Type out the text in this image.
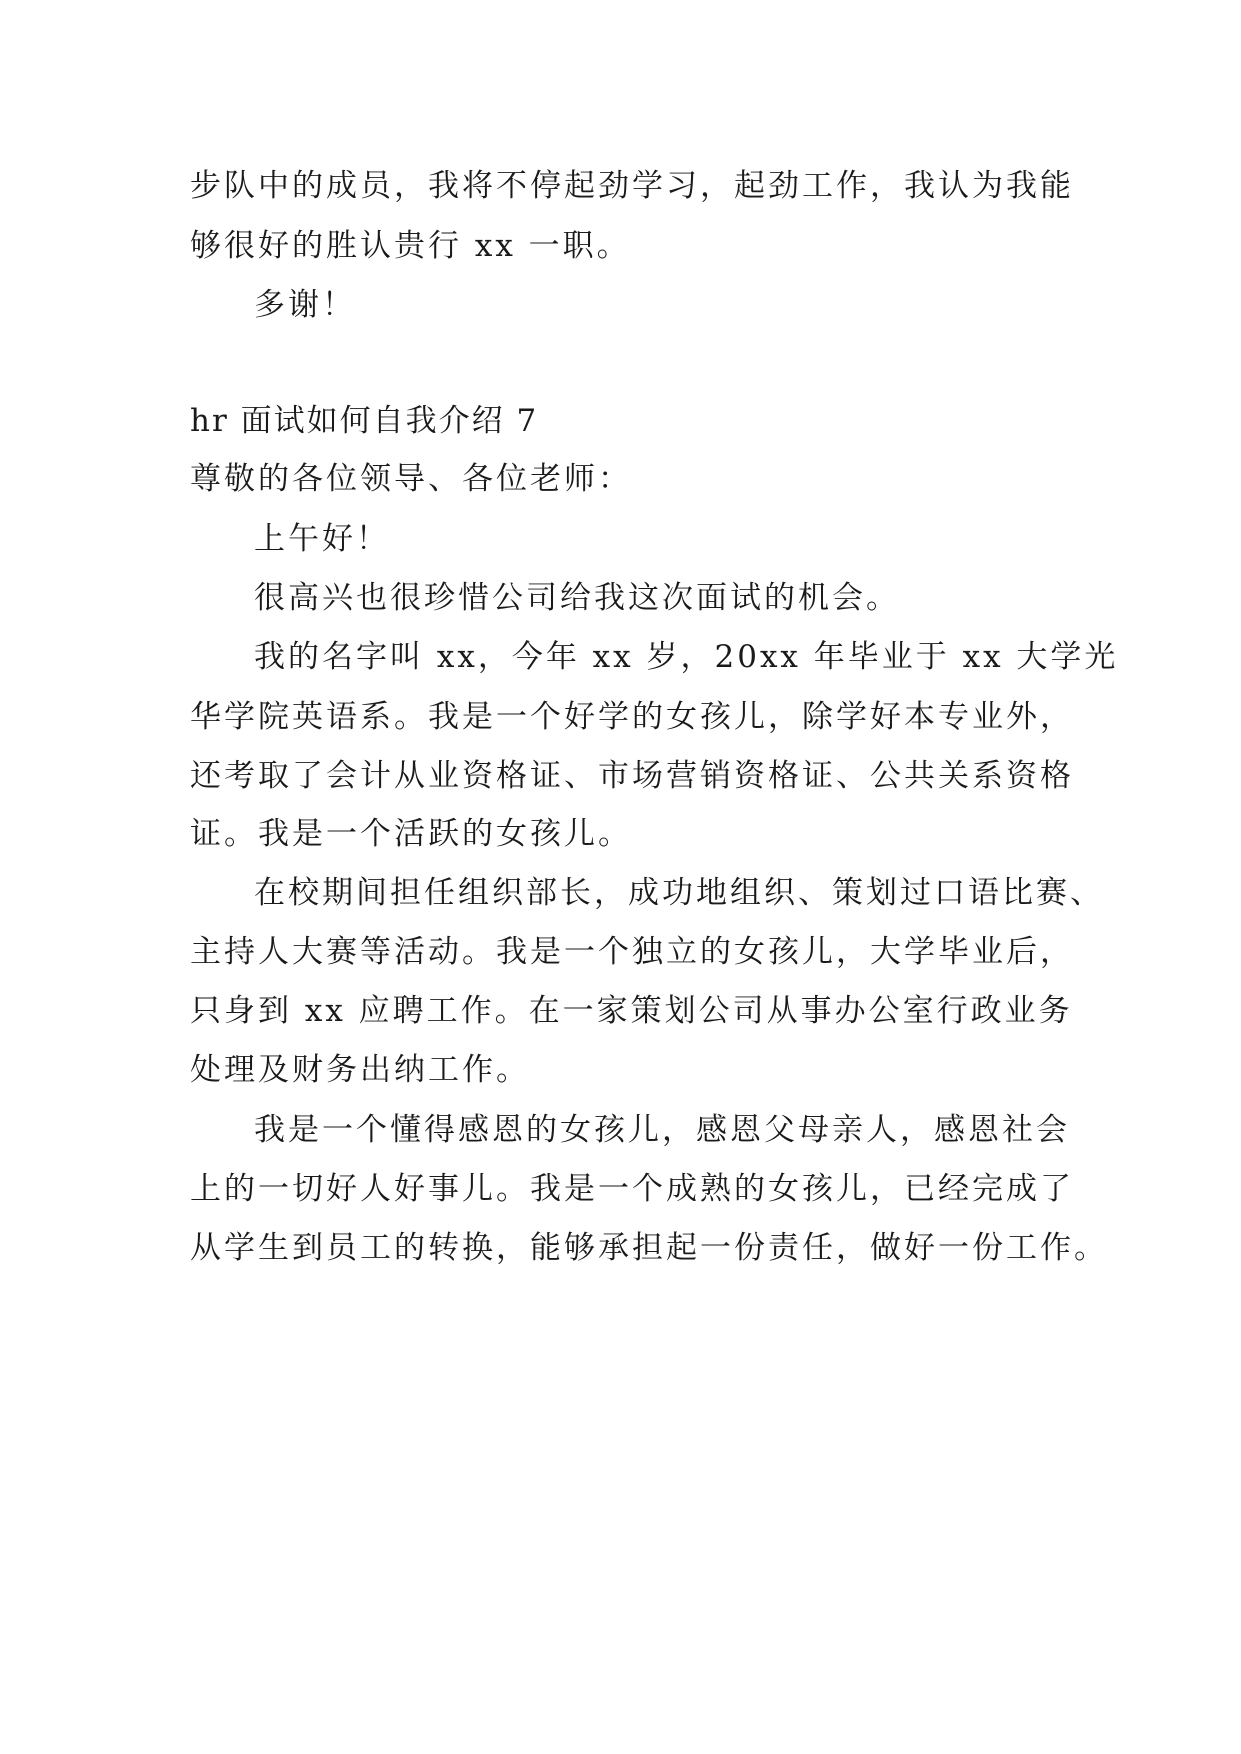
步队中的成员，我将不停起劲学习，起劲工作，我认为我能
够很好的胜认贵行 xx 一职。
多谢！
hr 面试如何自我介绍 7
尊敬的各位领导、各位老师：
上午好！
很高兴也很珍惜公司给我这次面试的机会。
我的名字叫 xx，今年 xx 岁，20xx 年毕业于 xx 大学光
华学院英语系。我是一个好学的女孩儿，除学好本专业外，
还考取了会计从业资格证、市场营销资格证、公共关系资格
证。我是一个活跃的女孩儿。
在校期间担任组织部长，成功地组织、策划过口语比赛、
主持人大赛等活动。我是一个独立的女孩儿，大学毕业后，
只身到 xx 应聘工作。在一家策划公司从事办公室行政业务
处理及财务出纳工作。
我是一个懂得感恩的女孩儿，感恩父母亲人，感恩社会
上的一切好人好事儿。我是一个成熟的女孩儿，已经完成了
从学生到员工的转换，能够承担起一份责任，做好一份工作。
